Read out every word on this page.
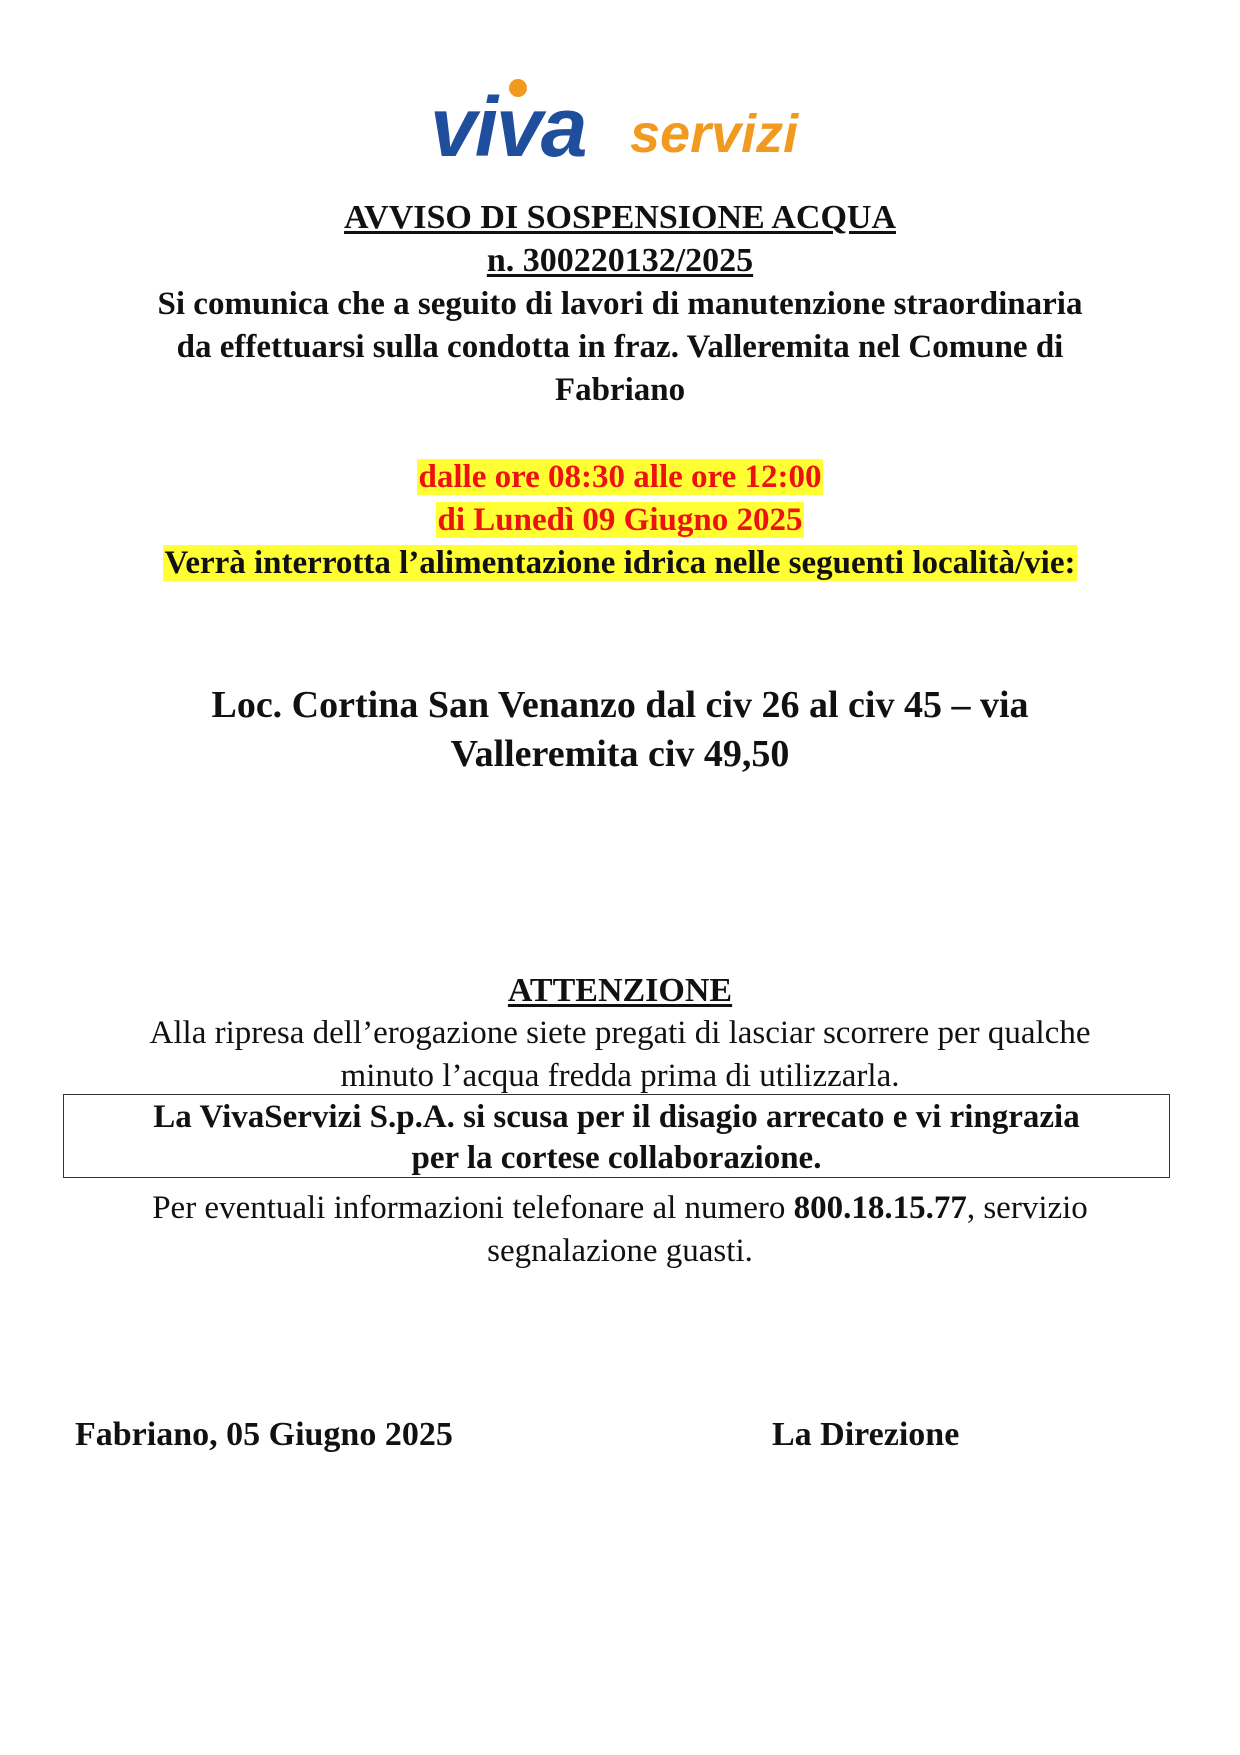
viva servizi
AVVISO DI SOSPENSIONE ACQUA
n. 300220132/2025
Si comunica che a seguito di lavori di manutenzione straordinaria
da effettuarsi sulla condotta in fraz. Valleremita nel Comune di
Fabriano
dalle ore 08:30 alle ore 12:00
di Lunedì 09 Giugno 2025
Verrà interrotta l’alimentazione idrica nelle seguenti località/vie:
Loc. Cortina San Venanzo dal civ 26 al civ 45 – via
Valleremita civ 49,50
ATTENZIONE
Alla ripresa dell’erogazione siete pregati di lasciar scorrere per qualche
minuto l’acqua fredda prima di utilizzarla.
La VivaServizi S.p.A. si scusa per il disagio arrecato e vi ringrazia
per la cortese collaborazione.
Per eventuali informazioni telefonare al numero 800.18.15.77, servizio
segnalazione guasti.
Fabriano, 05 Giugno 2025	La Direzione
